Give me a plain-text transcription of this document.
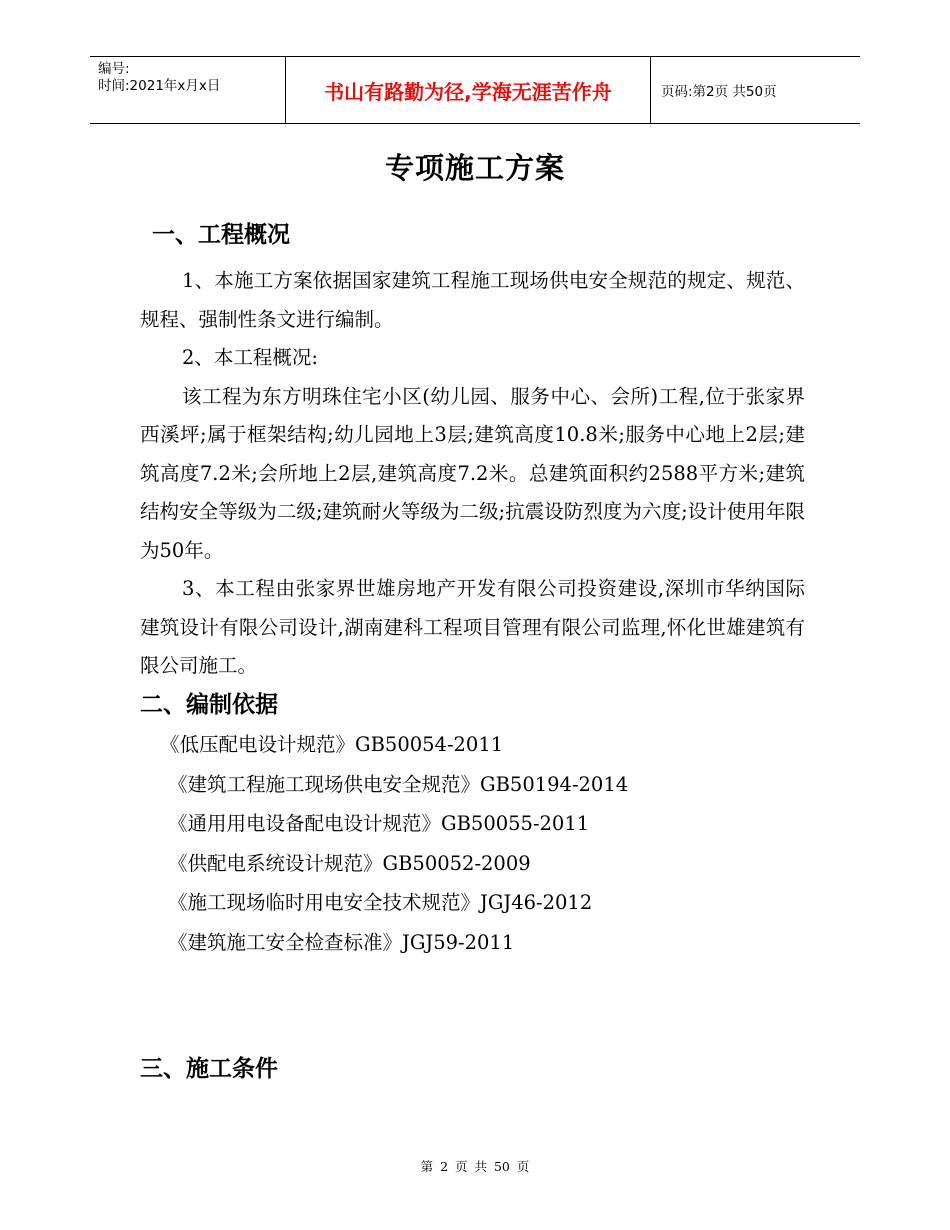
编号:
时间:2021年x月x日	书山有路勤为径,学海无涯苦作舟	页码:第2页 共50页
专项施工方案
一、工程概况

1、本施工方案依据国家建筑工程施工现场供电安全规范的规定、规范、规程、强制性条文进行编制。

2、本工程概况:

该工程为东方明珠住宅小区(幼儿园、服务中心、会所)工程,位于张家界西溪坪;属于框架结构;幼儿园地上3层;建筑高度10.8米;服务中心地上2层;建筑高度7.2米;会所地上2层,建筑高度7.2米。总建筑面积约2588平方米;建筑结构安全等级为二级;建筑耐火等级为二级;抗震设防烈度为六度;设计使用年限为50年。

3、本工程由张家界世雄房地产开发有限公司投资建设,深圳市华纳国际建筑设计有限公司设计,湖南建科工程项目管理有限公司监理,怀化世雄建筑有限公司施工。

二、编制依据
《低压配电设计规范》GB50054-2011
《建筑工程施工现场供电安全规范》GB50194-2014
《通用用电设备配电设计规范》GB50055-2011
《供配电系统设计规范》GB50052-2009
《施工现场临时用电安全技术规范》JGJ46-2012
《建筑施工安全检查标准》JGJ59-2011
三、施工条件
第 2 页 共 50 页
